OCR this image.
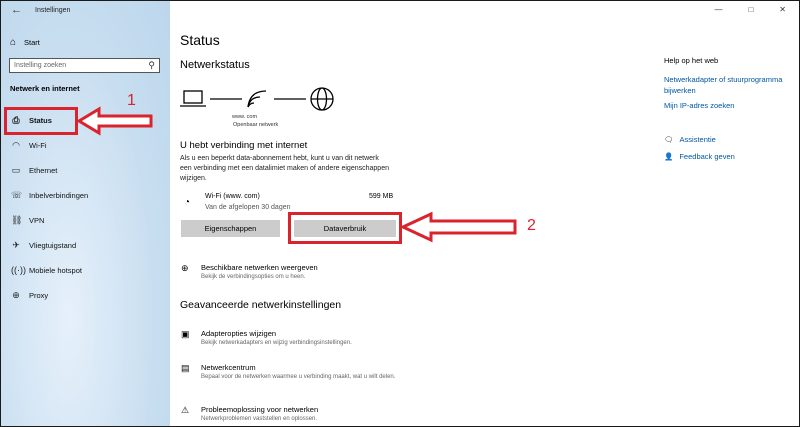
← Instellingen
⌂ Start
Instelling zoeken	⚲
Netwerk en internet
⎙ Status
◠ Wi-Fi
▭ Ethernet
☏ Inbelverbindingen
⛓ VPN
✈ Vliegtuigstand
((·)) Mobiele hotspot
⊕ Proxy
1
—	□	✕
Status
Netwerkstatus
www. com
Openbaar netwerk
U hebt verbinding met internet
Als u een beperkt data-abonnement hebt, kunt u van dit netwerk een verbinding met een datalimiet maken of andere eigenschappen wijzigen.
◔
Wi-Fi (www. com)
Van de afgelopen 30 dagen
599 MB
Eigenschappen	Dataverbruik
⊕	Beschikbare netwerken weergeven
Bekijk de verbindingsopties om u heen.
Geavanceerde netwerkinstellingen
▣	Adapteropties wijzigen
Bekijk netwerkadapters en wijzig verbindingsinstellingen.
▤	Netwerkcentrum
Bepaal voor de netwerken waarmee u verbinding maakt, wat u wilt delen.
⚠	Probleemoplossing voor netwerken
Netwerkproblemen vaststellen en oplossen.
Help op het web
Netwerkadapter of stuurprogramma bijwerken
Mijn IP-adres zoeken
🗨 Assistentie
👤 Feedback geven
2
